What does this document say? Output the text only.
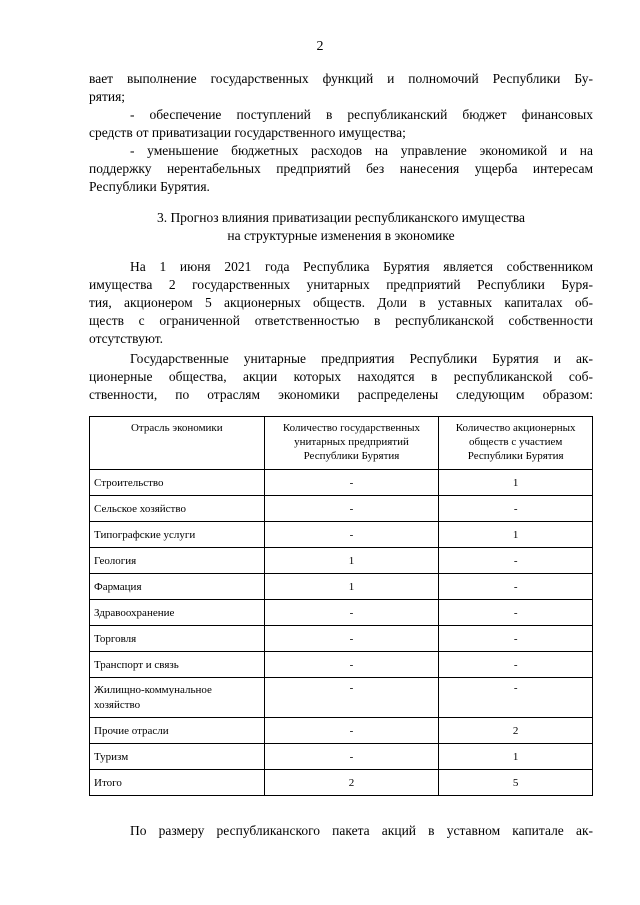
2
вает выполнение государственных функций и полномочий Республики Бу-
рятия;
- обеспечение поступлений в республиканский бюджет финансовых
средств от приватизации государственного имущества;
- уменьшение бюджетных расходов на управление экономикой и на
поддержку нерентабельных предприятий без нанесения ущерба интересам
Республики Бурятия.
3. Прогноз влияния приватизации республиканского имущества
на структурные изменения в экономике
На 1 июня 2021 года Республика Бурятия является собственником
имущества 2 государственных унитарных предприятий Республики Буря-
тия, акционером 5 акционерных обществ. Доли в уставных капиталах об-
ществ с ограниченной ответственностью в республиканской собственности
отсутствуют.
Государственные унитарные предприятия Республики Бурятия и ак-
ционерные общества, акции которых находятся в республиканской соб-
ственности, по отраслям экономики распределены следующим образом:
Отрасль экономики	Количество государственных унитарных предприятий Республики Бурятия	Количество акционерных обществ с участием Республики Бурятия
Строительство	-	1
Сельское хозяйство	-	-
Типографские услуги	-	1
Геология	1	-
Фармация	1	-
Здравоохранение	-	-
Торговля	-	-
Транспорт и связь	-	-
Жилищно-коммунальное хозяйство	-	-
Прочие отрасли	-	2
Туризм	-	1
Итого	2	5
По размеру республиканского пакета акций в уставном капитале ак-
